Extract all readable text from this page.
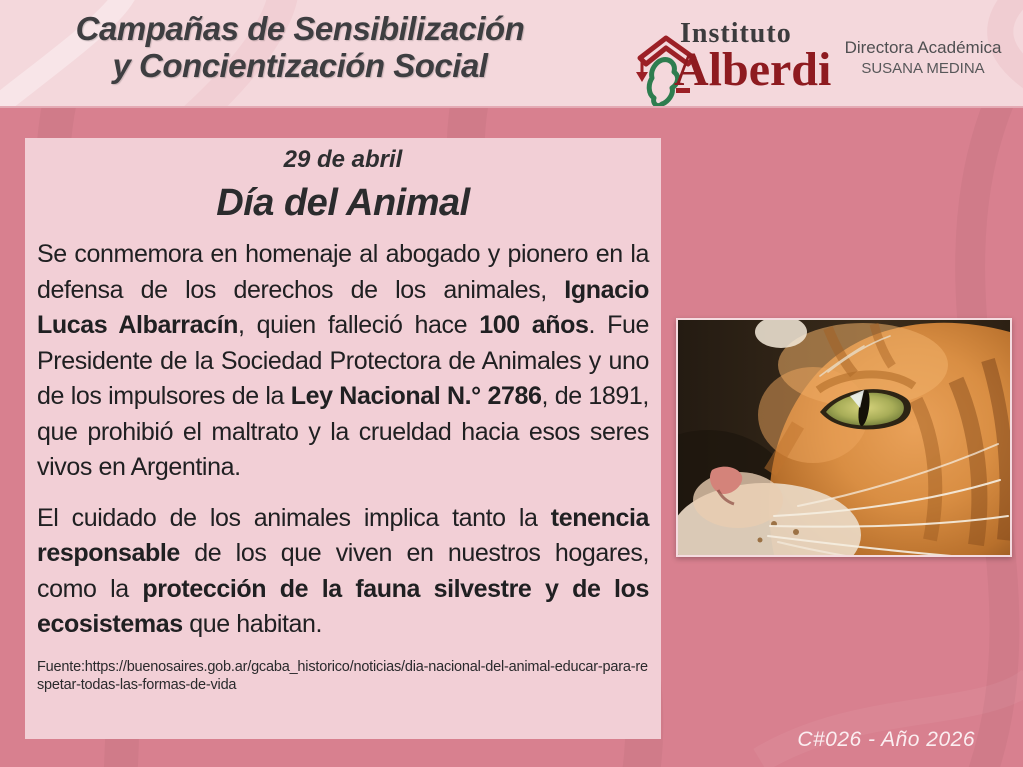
Campañas de Sensibilización
y Concientización Social
Instituto
Alberdi Directora Académica
SUSANA MEDINA
29 de abril
Día del Animal

Se conmemora en homenaje al abogado y pionero en la defensa de los derechos de los animales, Ignacio Lucas Albarracín, quien falleció hace 100 años. Fue Presidente de la Sociedad Protectora de Animales y uno de los impulsores de la Ley Nacional N.° 2786, de 1891, que prohibió el maltrato y la crueldad hacia esos seres vivos en Argentina.

El cuidado de los animales implica tanto la tenencia responsable de los que viven en nuestros hogares, como la protección de la fauna silvestre y de los ecosistemas que habitan.

Fuente:https://buenosaires.gob.ar/gcaba_historico/noticias/dia-nacional-del-animal-educar-para-respetar-todas-las-formas-de-vida
C#026 - Año 2026
